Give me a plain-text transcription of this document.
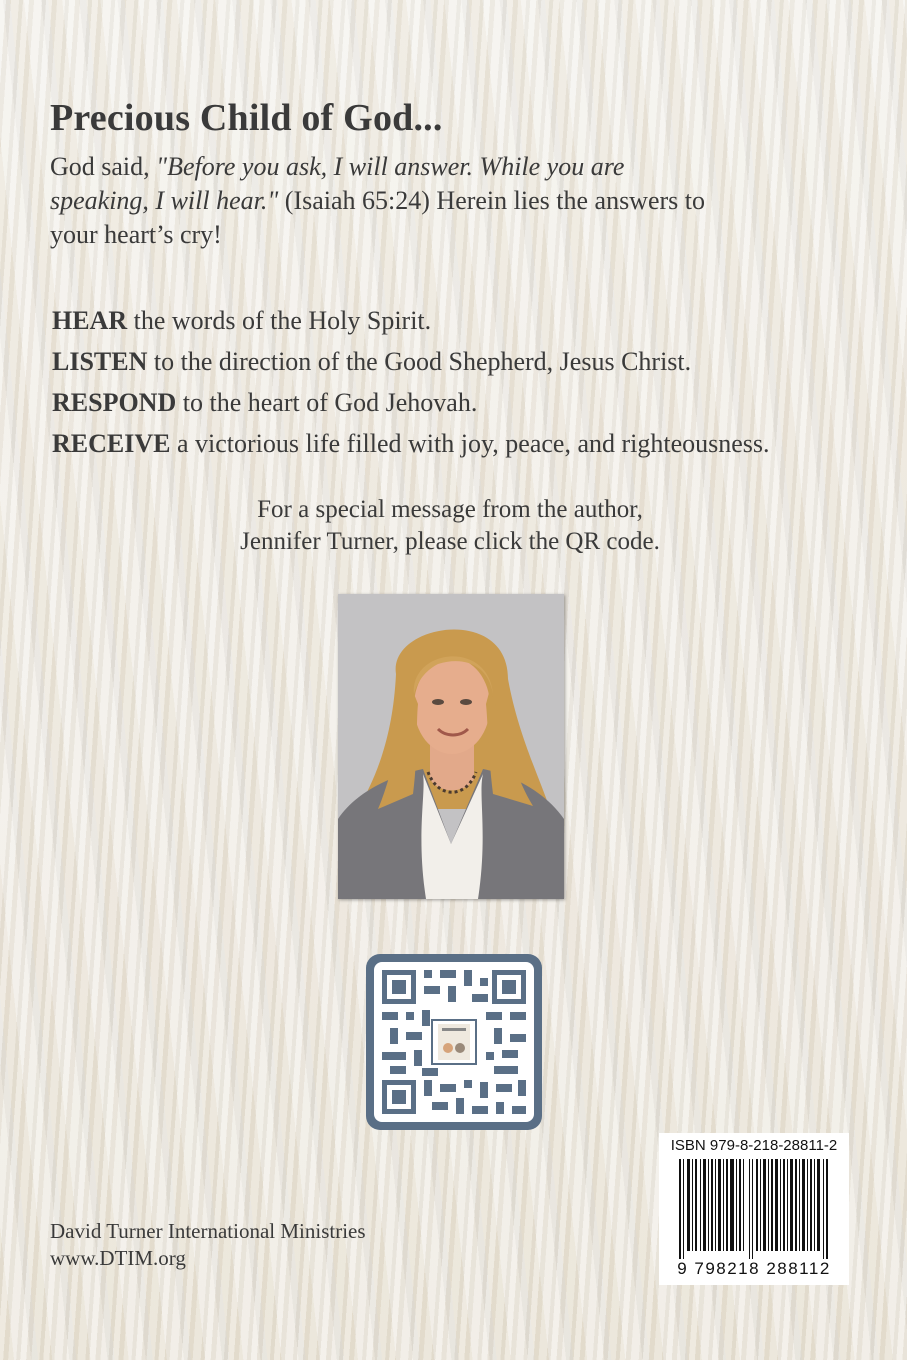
Precious Child of God...

God said, "Before you ask, I will answer. While you are speaking, I will hear." (Isaiah 65:24) Herein lies the answers to your heart’s cry!

HEAR the words of the Holy Spirit.
LISTEN to the direction of the Good Shepherd, Jesus Christ.
RESPOND to the heart of God Jehovah.
RECEIVE a victorious life filled with joy, peace, and righteousness.
For a special message from the author,
Jennifer Turner, please click the QR code.
ISBN 979-8-218-28811-2
9 798218 288112
David Turner International Ministries
www.DTIM.org
